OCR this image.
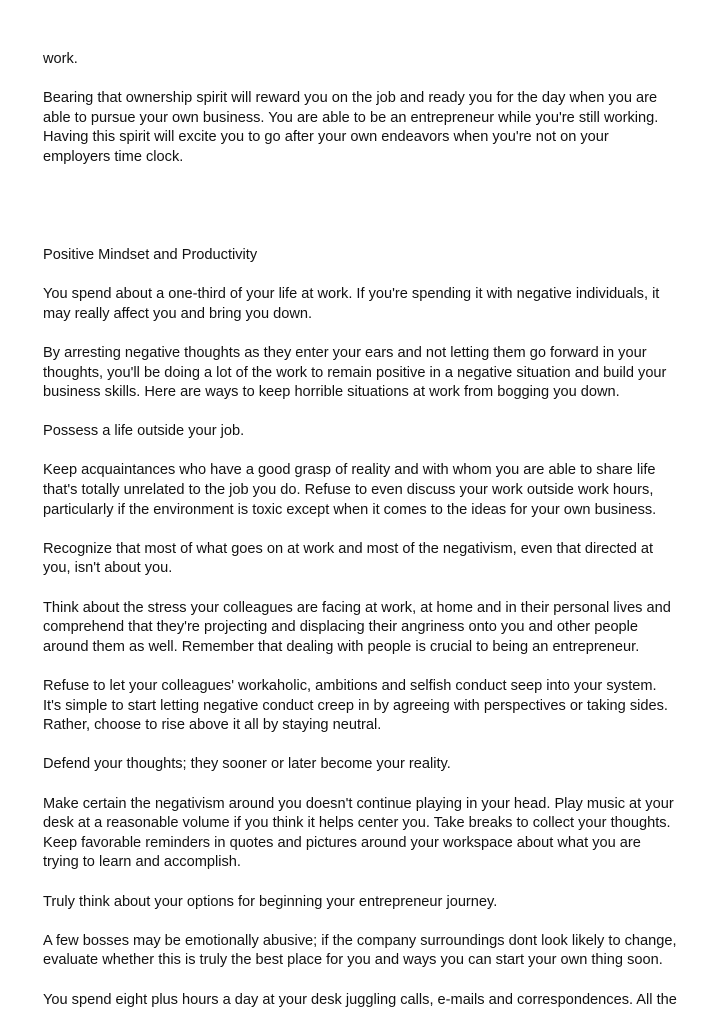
work.
Bearing that ownership spirit will reward you on the job and ready you for the day when you are
able to pursue your own business. You are able to be an entrepreneur while you're still working.
Having this spirit will excite you to go after your own endeavors when you're not on your
employers time clock.
Positive Mindset and Productivity
You spend about a one-third of your life at work. If you're spending it with negative individuals, it
may really affect you and bring you down.
By arresting negative thoughts as they enter your ears and not letting them go forward in your
thoughts, you'll be doing a lot of the work to remain positive in a negative situation and build your
business skills. Here are ways to keep horrible situations at work from bogging you down.
Possess a life outside your job.
Keep acquaintances who have a good grasp of reality and with whom you are able to share life
that's totally unrelated to the job you do. Refuse to even discuss your work outside work hours,
particularly if the environment is toxic except when it comes to the ideas for your own business.
Recognize that most of what goes on at work and most of the negativism, even that directed at
you, isn't about you.
Think about the stress your colleagues are facing at work, at home and in their personal lives and
comprehend that they're projecting and displacing their angriness onto you and other people
around them as well. Remember that dealing with people is crucial to being an entrepreneur.
Refuse to let your colleagues' workaholic, ambitions and selfish conduct seep into your system.
It's simple to start letting negative conduct creep in by agreeing with perspectives or taking sides.
Rather, choose to rise above it all by staying neutral.
Defend your thoughts; they sooner or later become your reality.
Make certain the negativism around you doesn't continue playing in your head. Play music at your
desk at a reasonable volume if you think it helps center you. Take breaks to collect your thoughts.
Keep favorable reminders in quotes and pictures around your workspace about what you are
trying to learn and accomplish.
Truly think about your options for beginning your entrepreneur journey.
A few bosses may be emotionally abusive; if the company surroundings dont look likely to change,
evaluate whether this is truly the best place for you and ways you can start your own thing soon.
You spend eight plus hours a day at your desk juggling calls, e-mails and correspondences. All the
